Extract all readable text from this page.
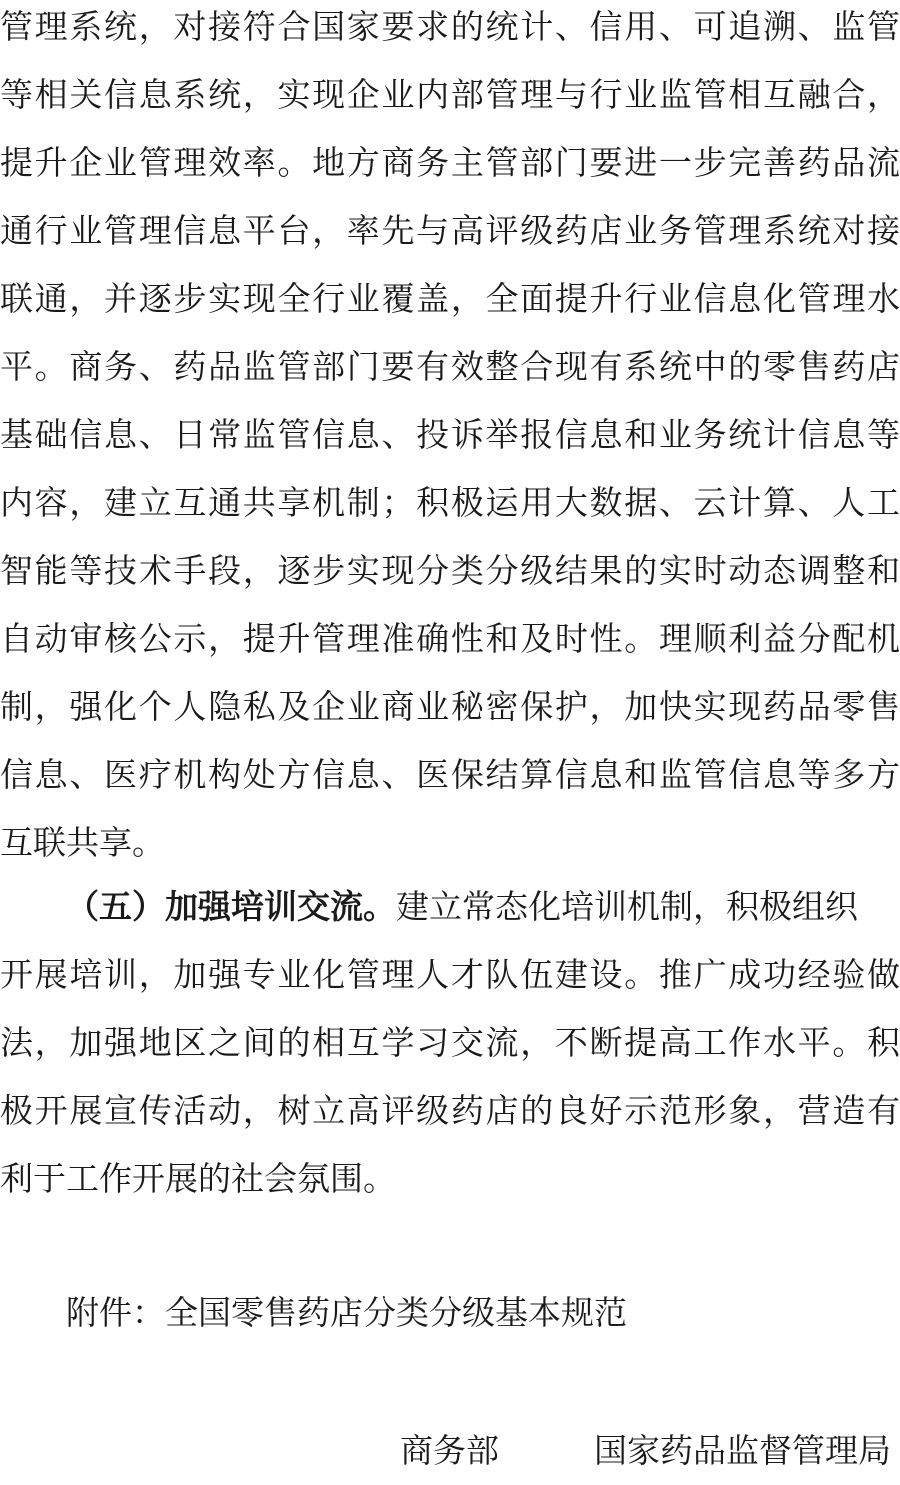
管理系统，对接符合国家要求的统计、信用、可追溯、监管
等相关信息系统，实现企业内部管理与行业监管相互融合，
提升企业管理效率。地方商务主管部门要进一步完善药品流
通行业管理信息平台，率先与高评级药店业务管理系统对接
联通，并逐步实现全行业覆盖，全面提升行业信息化管理水
平。商务、药品监管部门要有效整合现有系统中的零售药店
基础信息、日常监管信息、投诉举报信息和业务统计信息等
内容，建立互通共享机制；积极运用大数据、云计算、人工
智能等技术手段，逐步实现分类分级结果的实时动态调整和
自动审核公示，提升管理准确性和及时性。理顺利益分配机
制，强化个人隐私及企业商业秘密保护，加快实现药品零售
信息、医疗机构处方信息、医保结算信息和监管信息等多方
互联共享。
（五）加强培训交流。建立常态化培训机制，积极组织
开展培训，加强专业化管理人才队伍建设。推广成功经验做
法，加强地区之间的相互学习交流，不断提高工作水平。积
极开展宣传活动，树立高评级药店的良好示范形象，营造有
利于工作开展的社会氛围。
附件：全国零售药店分类分级基本规范
商务部	国家药品监督管理局
